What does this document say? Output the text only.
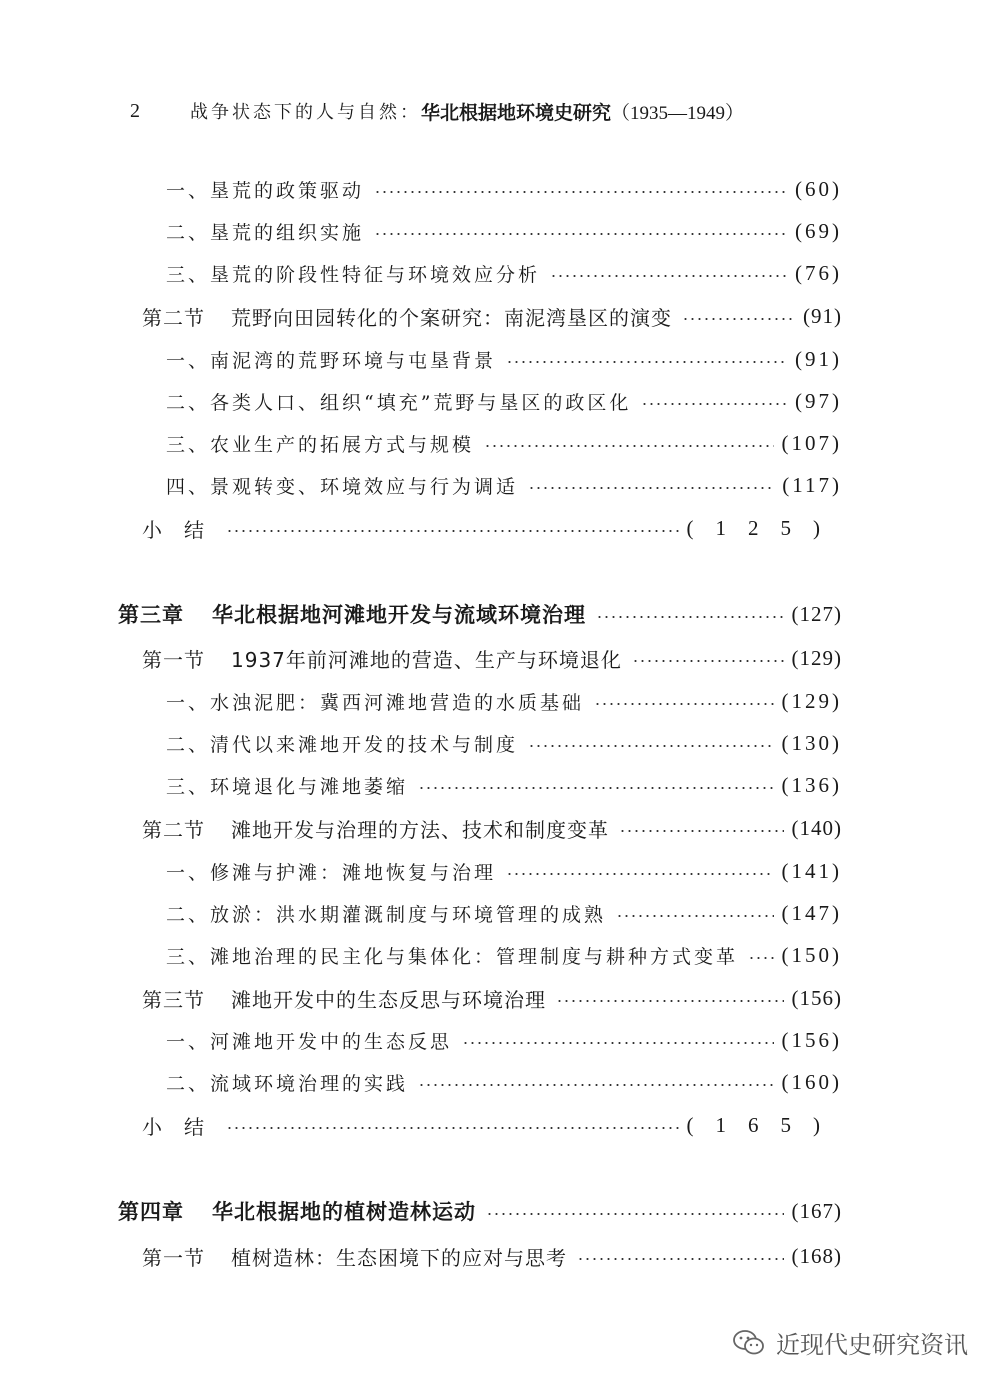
2	战争状态下的人与自然： 华北根据地环境史研究 （1935—1949）
一、垦荒的政策驱动	(60)
二、垦荒的组织实施	(69)
三、垦荒的阶段性特征与环境效应分析	(76)
第二节 荒野向田园转化的个案研究：南泥湾垦区的演变	(91)
一、南泥湾的荒野环境与屯垦背景	(91)
二、各类人口、组织“填充”荒野与垦区的政区化	(97)
三、农业生产的拓展方式与规模	(107)
四、景观转变、环境效应与行为调适	(117)
小结	(125)
第三章 华北根据地河滩地开发与流域环境治理	(127)
第一节 1937年前河滩地的营造、生产与环境退化	(129)
一、水浊泥肥：冀西河滩地营造的水质基础	(129)
二、清代以来滩地开发的技术与制度	(130)
三、环境退化与滩地萎缩	(136)
第二节 滩地开发与治理的方法、技术和制度变革	(140)
一、修滩与护滩：滩地恢复与治理	(141)
二、放淤：洪水期灌溉制度与环境管理的成熟	(147)
三、滩地治理的民主化与集体化：管理制度与耕种方式变革 (150)
第三节 滩地开发中的生态反思与环境治理	(156)
一、河滩地开发中的生态反思	(156)
二、流域环境治理的实践	(160)
小结	(165)
第四章 华北根据地的植树造林运动	(167)
第一节 植树造林：生态困境下的应对与思考	(168)
近现代史研究资讯
